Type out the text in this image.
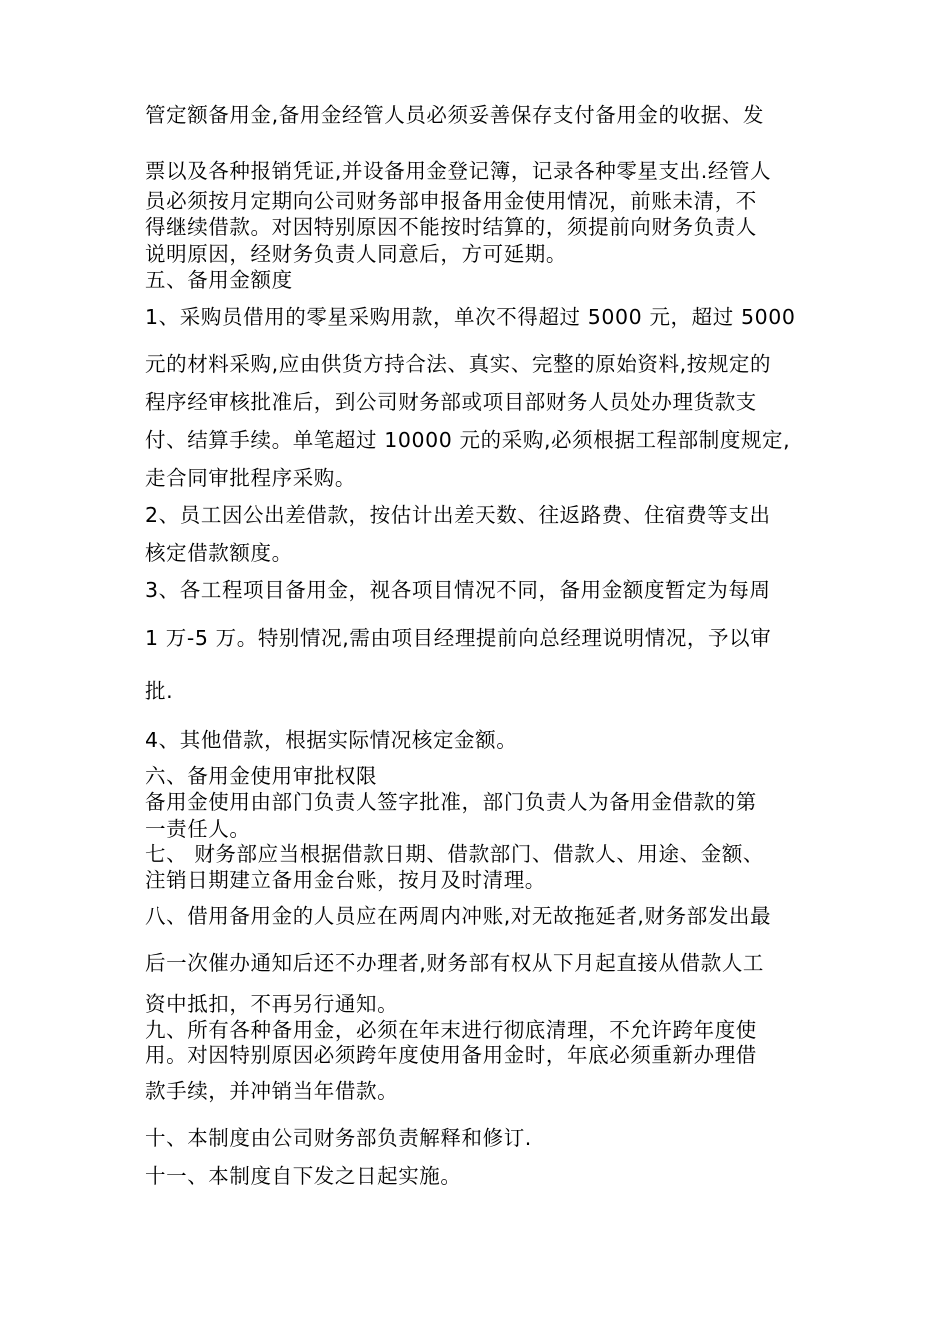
管定额备用金,备用金经管人员必须妥善保存支付备用金的收据、发

票以及各种报销凭证,并设备用金登记簿，记录各种零星支出.经管人

员必须按月定期向公司财务部申报备用金使用情况，前账未清，不

得继续借款。对因特别原因不能按时结算的，须提前向财务负责人

说明原因，经财务负责人同意后，方可延期。

五、备用金额度

1、采购员借用的零星采购用款，单次不得超过 5000 元，超过 5000

元的材料采购,应由供货方持合法、真实、完整的原始资料,按规定的

程序经审核批准后，到公司财务部或项目部财务人员处办理货款支

付、结算手续。单笔超过 10000 元的采购,必须根据工程部制度规定,

走合同审批程序采购。

2、员工因公出差借款，按估计出差天数、往返路费、住宿费等支出

核定借款额度。

3、各工程项目备用金，视各项目情况不同，备用金额度暂定为每周

1 万-5 万。特别情况,需由项目经理提前向总经理说明情况，予以审

批.

4、其他借款，根据实际情况核定金额。

六、备用金使用审批权限

备用金使用由部门负责人签字批准，部门负责人为备用金借款的第

一责任人。

七、 财务部应当根据借款日期、借款部门、借款人、用途、金额、

注销日期建立备用金台账，按月及时清理。

八、借用备用金的人员应在两周内冲账,对无故拖延者,财务部发出最

后一次催办通知后还不办理者,财务部有权从下月起直接从借款人工

资中抵扣，不再另行通知。

九、所有各种备用金，必须在年末进行彻底清理，不允许跨年度使

用。对因特别原因必须跨年度使用备用金时，年底必须重新办理借

款手续，并冲销当年借款。

十、本制度由公司财务部负责解释和修订.

十一、本制度自下发之日起实施。
